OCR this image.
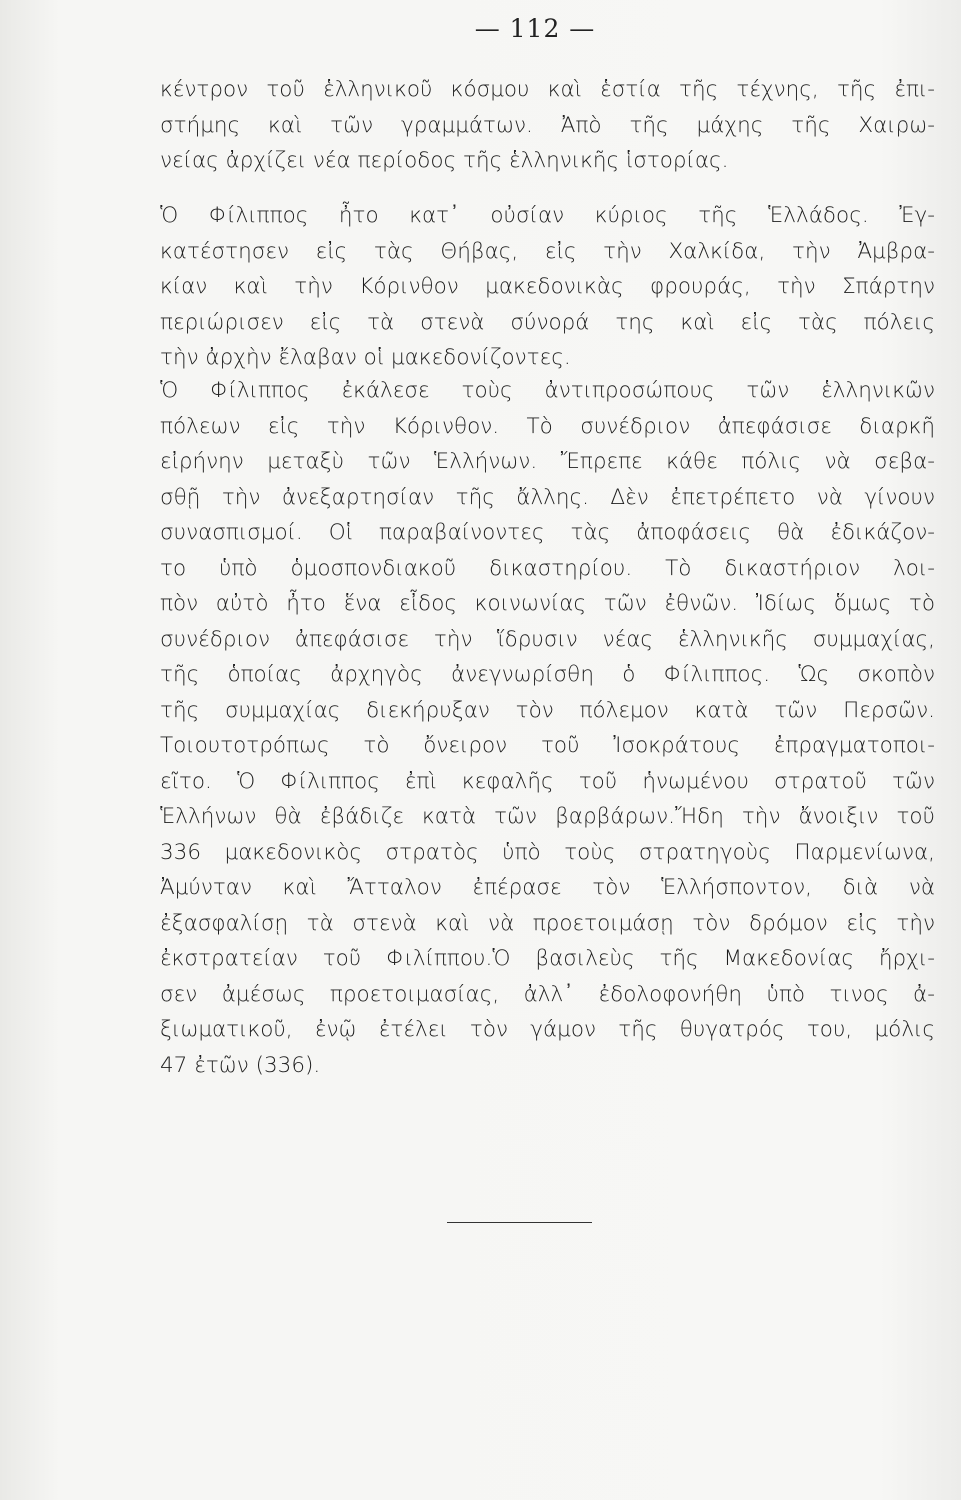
— 112 —
κέντρον τοῦ ἑλληνικοῦ κόσμου καὶ ἑστία τῆς τέχνης, τῆς ἐπι-
στήμης καὶ τῶν γραμμάτων. Ἀπὸ τῆς μάχης τῆς Χαιρω-
νείας ἀρχίζει νέα περίοδος τῆς ἑλληνικῆς ἱστορίας.
Ὁ Φίλιππος ἦτο κατ᾽ οὐσίαν κύριος τῆς Ἑλλάδος. Ἐγ-
κατέστησεν εἰς τὰς Θήβας, εἰς τὴν Χαλκίδα, τὴν Ἀμβρα-
κίαν καὶ τὴν Κόρινθον μακεδονικὰς φρουράς, τὴν Σπάρτην
περιώρισεν εἰς τὰ στενὰ σύνορά της καὶ εἰς τὰς πόλεις
τὴν ἀρχὴν ἔλαβαν οἱ μακεδονίζοντες.
Ὁ Φίλιππος ἐκάλεσε τοὺς ἀντιπροσώπους τῶν ἑλληνικῶν
πόλεων εἰς τὴν Κόρινθον. Τὸ συνέδριον ἀπεφάσισε διαρκῆ
εἰρήνην μεταξὺ τῶν Ἑλλήνων. Ἔπρεπε κάθε πόλις νὰ σεβα-
σθῇ τὴν ἀνεξαρτησίαν τῆς ἄλλης. Δὲν ἐπετρέπετο νὰ γίνουν
συνασπισμοί. Οἱ παραβαίνοντες τὰς ἀποφάσεις θὰ ἐδικάζον-
το ὑπὸ ὁμοσπονδιακοῦ δικαστηρίου. Τὸ δικαστήριον λοι-
πὸν αὐτὸ ἦτο ἕνα εἶδος κοινωνίας τῶν ἐθνῶν. Ἰδίως ὅμως τὸ
συνέδριον ἀπεφάσισε τὴν ἵδρυσιν νέας ἑλληνικῆς συμμαχίας,
τῆς ὁποίας ἀρχηγὸς ἀνεγνωρίσθη ὁ Φίλιππος. Ὡς σκοπὸν
τῆς συμμαχίας διεκήρυξαν τὸν πόλεμον κατὰ τῶν Περσῶν.
Τοιουτοτρόπως τὸ ὄνειρον τοῦ Ἰσοκράτους ἐπραγματοποι-
εῖτο. Ὁ Φίλιππος ἐπὶ κεφαλῆς τοῦ ἡνωμένου στρατοῦ τῶν
Ἑλλήνων θὰ ἐβάδιζε κατὰ τῶν βαρβάρων.Ἤδη τὴν ἄνοιξιν τοῦ
336 μακεδονικὸς στρατὸς ὑπὸ τοὺς στρατηγοὺς Παρμενίωνα,
Ἀμύνταν καὶ Ἄτταλον ἐπέρασε τὸν Ἑλλήσποντον, διὰ νὰ
ἐξασφαλίσῃ τὰ στενὰ καὶ νὰ προετοιμάσῃ τὸν δρόμον εἰς τὴν
ἐκστρατείαν τοῦ Φιλίππου.Ὁ βασιλεὺς τῆς Μακεδονίας ἤρχι-
σεν ἀμέσως προετοιμασίας, ἀλλ᾽ ἐδολοφονήθη ὑπὸ τινος ἀ-
ξιωματικοῦ, ἐνῷ ἐτέλει τὸν γάμον τῆς θυγατρός του, μόλις
47 ἐτῶν (336).
